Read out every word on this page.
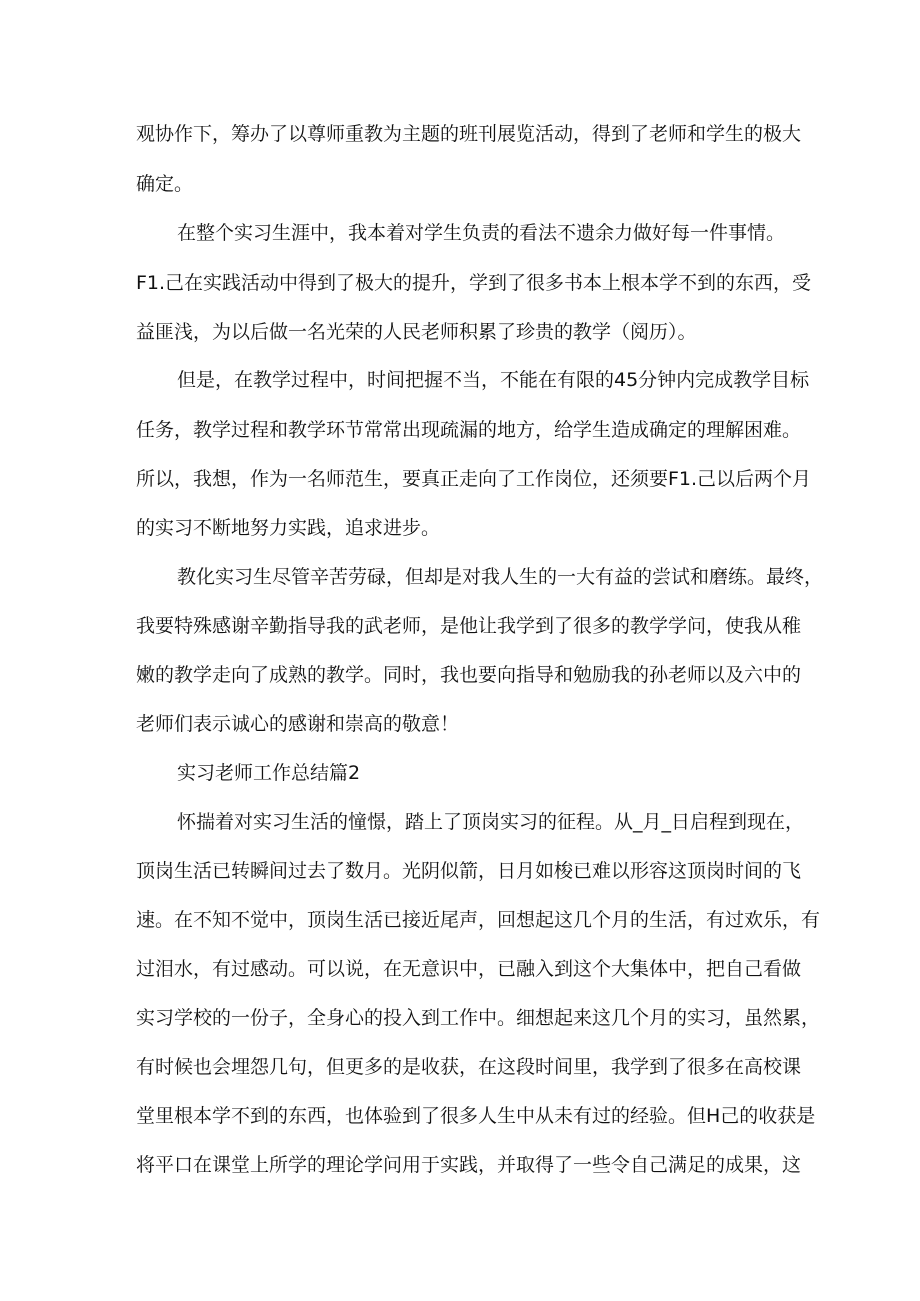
观协作下，筹办了以尊师重教为主题的班刊展览活动，得到了老师和学生的极大
确定。
在整个实习生涯中，我本着对学生负责的看法不遗余力做好每一件事情。
F1.己在实践活动中得到了极大的提升，学到了很多书本上根本学不到的东西，受
益匪浅，为以后做一名光荣的人民老师积累了珍贵的教学（阅历）。
但是，在教学过程中，时间把握不当，不能在有限的45分钟内完成教学目标
任务，教学过程和教学环节常常出现疏漏的地方，给学生造成确定的理解困难。
所以，我想，作为一名师范生，要真正走向了工作岗位，还须要F1.己以后两个月
的实习不断地努力实践，追求进步。
教化实习生尽管辛苦劳碌，但却是对我人生的一大有益的尝试和磨练。最终，
我要特殊感谢辛勤指导我的武老师，是他让我学到了很多的教学学问，使我从稚
嫩的教学走向了成熟的教学。同时，我也要向指导和勉励我的孙老师以及六中的
老师们表示诚心的感谢和崇高的敬意！
实习老师工作总结篇2
怀揣着对实习生活的憧憬，踏上了顶岗实习的征程。从_月_日启程到现在，
顶岗生活已转瞬间过去了数月。光阴似箭，日月如梭已难以形容这顶岗时间的飞
速。在不知不觉中，顶岗生活已接近尾声，回想起这几个月的生活，有过欢乐，有
过泪水，有过感动。可以说，在无意识中，已融入到这个大集体中，把自己看做
实习学校的一份子，全身心的投入到工作中。细想起来这几个月的实习，虽然累，
有时候也会埋怨几句，但更多的是收获，在这段时间里，我学到了很多在高校课
堂里根本学不到的东西，也体验到了很多人生中从未有过的经验。但H己的收获是
将平口在课堂上所学的理论学问用于实践，并取得了一些令自己满足的成果，这
